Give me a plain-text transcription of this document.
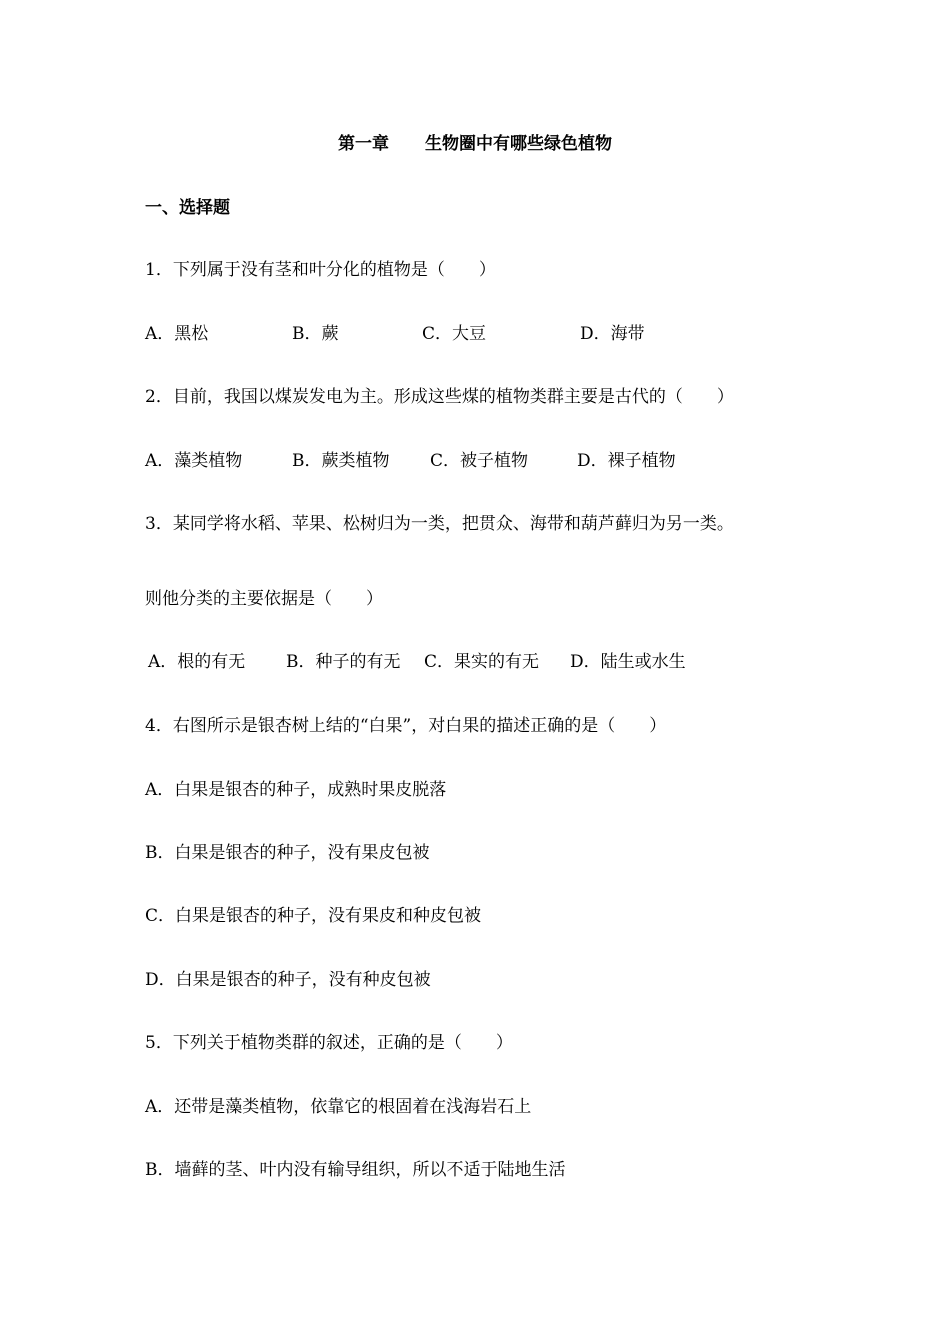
第一章 生物圈中有哪些绿色植物
一、选择题
1．下列属于没有茎和叶分化的植物是（　　）
A．黑松	B．蕨	C．大豆	D．海带
2．目前，我国以煤炭发电为主。形成这些煤的植物类群主要是古代的（　　）
A．藻类植物	B．蕨类植物 C．被子植物	D．裸子植物
3．某同学将水稻、苹果、松树归为一类，把贯众、海带和葫芦藓归为另一类。
则他分类的主要依据是（　　）
A．根的有无 B．种子的有无 C．果实的有无 D．陆生或水生
4．右图所示是银杏树上结的“白果”，对白果的描述正确的是（　　）
A．白果是银杏的种子，成熟时果皮脱落
B．白果是银杏的种子，没有果皮包被
C．白果是银杏的种子，没有果皮和种皮包被
D．白果是银杏的种子，没有种皮包被
5．下列关于植物类群的叙述，正确的是（　　）
A．还带是藻类植物，依靠它的根固着在浅海岩石上
B．墙藓的茎、叶内没有输导组织，所以不适于陆地生活
